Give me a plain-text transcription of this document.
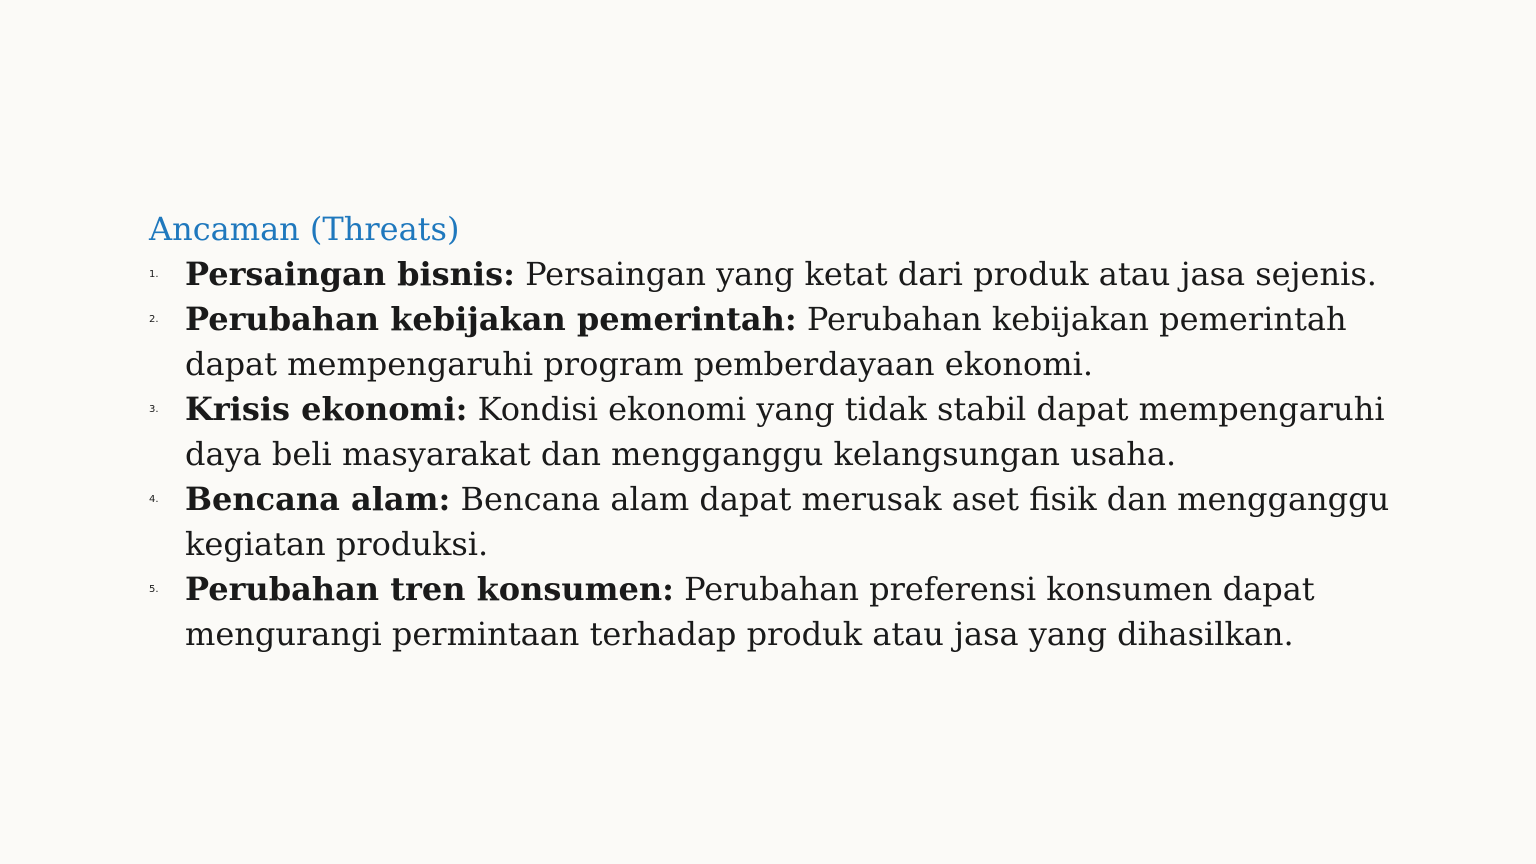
Ancaman (Threats)
1. Persaingan bisnis: Persaingan yang ketat dari produk atau jasa sejenis.
2. Perubahan kebijakan pemerintah: Perubahan kebijakan pemerintah
dapat mempengaruhi program pemberdayaan ekonomi.
3. Krisis ekonomi: Kondisi ekonomi yang tidak stabil dapat mempengaruhi
daya beli masyarakat dan mengganggu kelangsungan usaha.
4. Bencana alam: Bencana alam dapat merusak aset fisik dan mengganggu
kegiatan produksi.
5. Perubahan tren konsumen: Perubahan preferensi konsumen dapat
mengurangi permintaan terhadap produk atau jasa yang dihasilkan.
